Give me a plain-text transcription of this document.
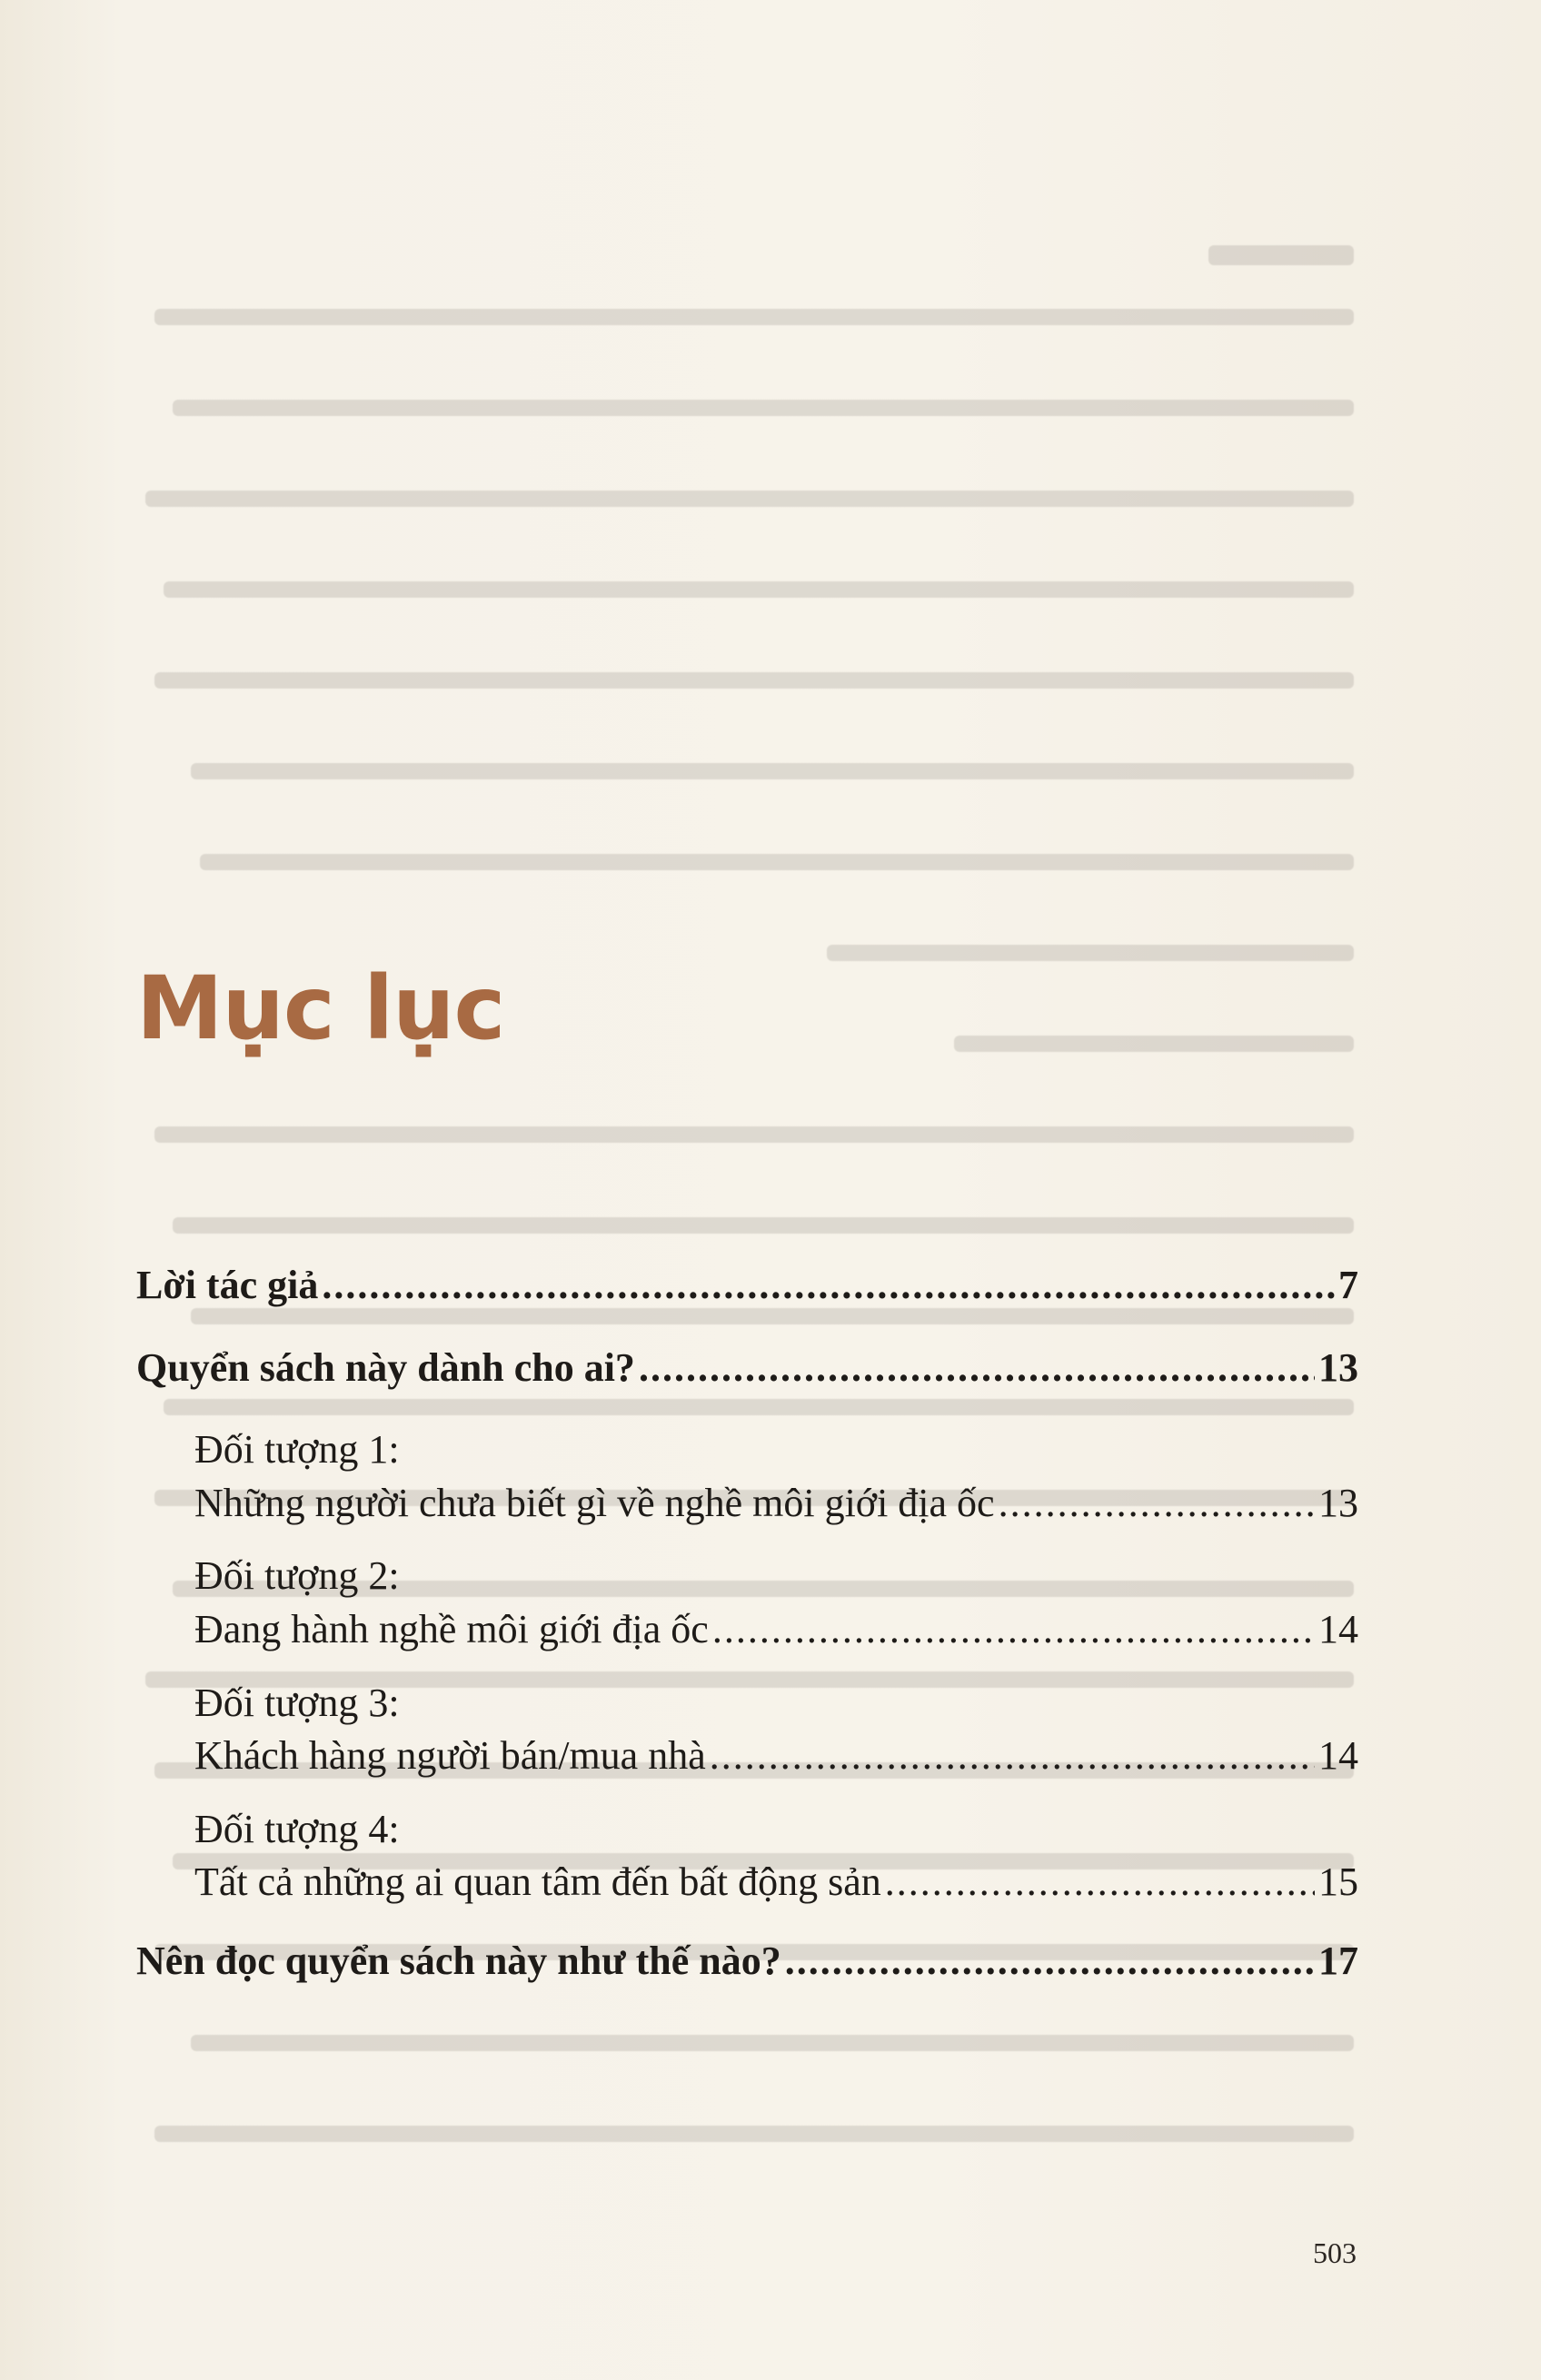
Mục lục
Lời tác giả .....	7
Quyển sách này dành cho ai? .....	13
Đối tượng 1:
Những người chưa biết gì về nghề môi giới địa ốc .....	13
Đối tượng 2:
Đang hành nghề môi giới địa ốc .....	14
Đối tượng 3:
Khách hàng người bán/mua nhà .....	14
Đối tượng 4:
Tất cả những ai quan tâm đến bất động sản .....	15
Nên đọc quyển sách này như thế nào? .....	17
503
